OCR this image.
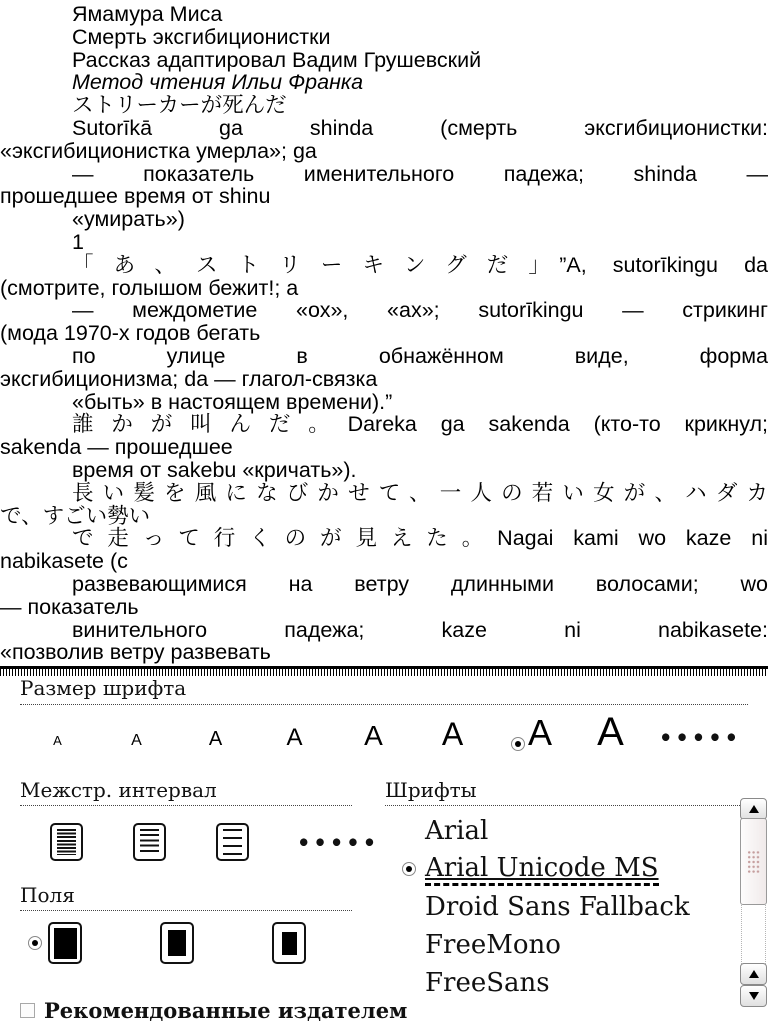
Ямамура Миса
Смерть эксгибиционистки
Рассказ адаптировал Вадим Грушевский
Метод чтения Ильи Франка
ストリーカーが死んだ
Sutorīkā ga shinda (смерть эксгибиционистки:
«эксгибиционистка умерла»; ga
— показатель именительного падежа; shinda —
прошедшее время от shinu
«умирать»)
1
「あ、ストリーキングだ」”A, sutorīkingu da
(смотрите, голышом бежит!; a
— междометие «ох», «ах»; sutorīkingu — стрикинг
(мода 1970-х годов бегать
по улице в обнажённом виде, форма
эксгибиционизма; da — глагол-связка
«быть» в настоящем времени).”
誰かが叫んだ。Dareka ga sakenda (кто-то крикнул;
sakenda — прошедшее
время от sakebu «кричать»).
長い髪を風になびかせて、一人の若い女が、ハダカ
で、すごい勢い
で走って行くのが見えた。Nagai kami wo kaze ni
nabikasete (с
развевающимися на ветру длинными волосами; wo
— показатель
винительного падежа; kaze ni nabikasete:
«позволив ветру развевать
Размер шрифта
A	A	A	A	A	A	A	A	•••••
Межстр. интервал
•••••
Поля
Шрифты
Arial
Arial Unicode MS
Droid Sans Fallback
FreeMono
FreeSans
Рекомендованные издателем
